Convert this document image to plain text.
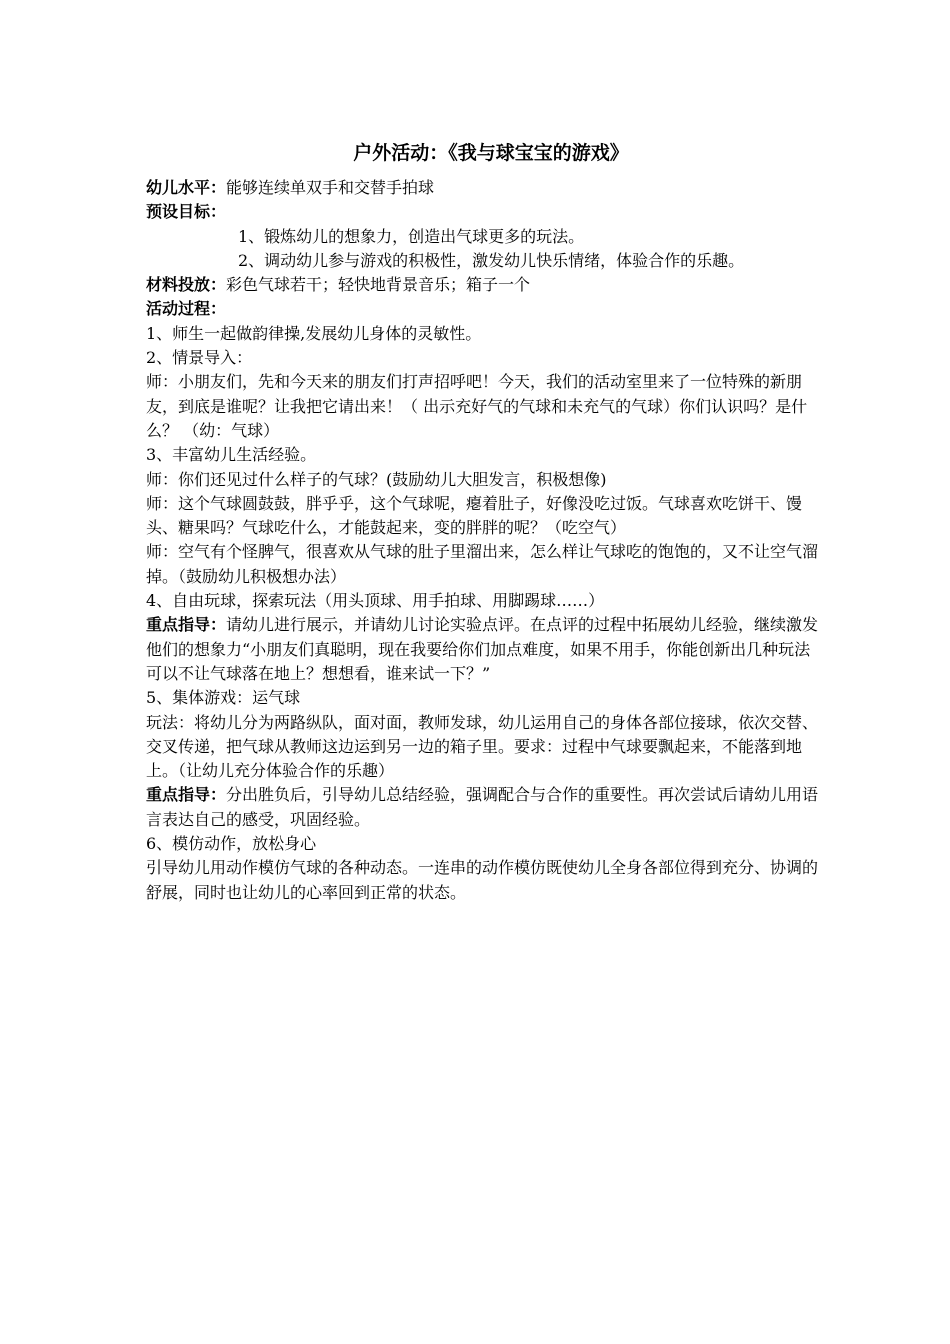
户外活动：《我与球宝宝的游戏》

幼儿水平：能够连续单双手和交替手拍球

预设目标：

1、锻炼幼儿的想象力，创造出气球更多的玩法。

2、调动幼儿参与游戏的积极性，激发幼儿快乐情绪，体验合作的乐趣。

材料投放：彩色气球若干；轻快地背景音乐；箱子一个

活动过程：

1、师生一起做韵律操,发展幼儿身体的灵敏性。

2、情景导入：

师：小朋友们，先和今天来的朋友们打声招呼吧！今天，我们的活动室里来了一位特殊的新朋友，到底是谁呢？让我把它请出来！（ 出示充好气的气球和未充气的气球）你们认识吗？是什么？ （幼：气球）

3、丰富幼儿生活经验。

师：你们还见过什么样子的气球？(鼓励幼儿大胆发言，积极想像)

师：这个气球圆鼓鼓，胖乎乎，这个气球呢，瘪着肚子，好像没吃过饭。气球喜欢吃饼干、馒头、糖果吗？气球吃什么，才能鼓起来，变的胖胖的呢？（吃空气）

师：空气有个怪脾气，很喜欢从气球的肚子里溜出来，怎么样让气球吃的饱饱的，又不让空气溜掉。（鼓励幼儿积极想办法）

4、自由玩球，探索玩法（用头顶球、用手拍球、用脚踢球……）

重点指导：请幼儿进行展示，并请幼儿讨论实验点评。在点评的过程中拓展幼儿经验，继续激发他们的想象力“小朋友们真聪明，现在我要给你们加点难度，如果不用手，你能创新出几种玩法可以不让气球落在地上？想想看，谁来试一下？”

5、集体游戏：运气球

玩法：将幼儿分为两路纵队，面对面，教师发球，幼儿运用自己的身体各部位接球，依次交替、交叉传递，把气球从教师这边运到另一边的箱子里。要求：过程中气球要飘起来，不能落到地上。（让幼儿充分体验合作的乐趣）

重点指导：分出胜负后，引导幼儿总结经验，强调配合与合作的重要性。再次尝试后请幼儿用语言表达自己的感受，巩固经验。

6、模仿动作，放松身心

引导幼儿用动作模仿气球的各种动态。一连串的动作模仿既使幼儿全身各部位得到充分、协调的舒展，同时也让幼儿的心率回到正常的状态。
